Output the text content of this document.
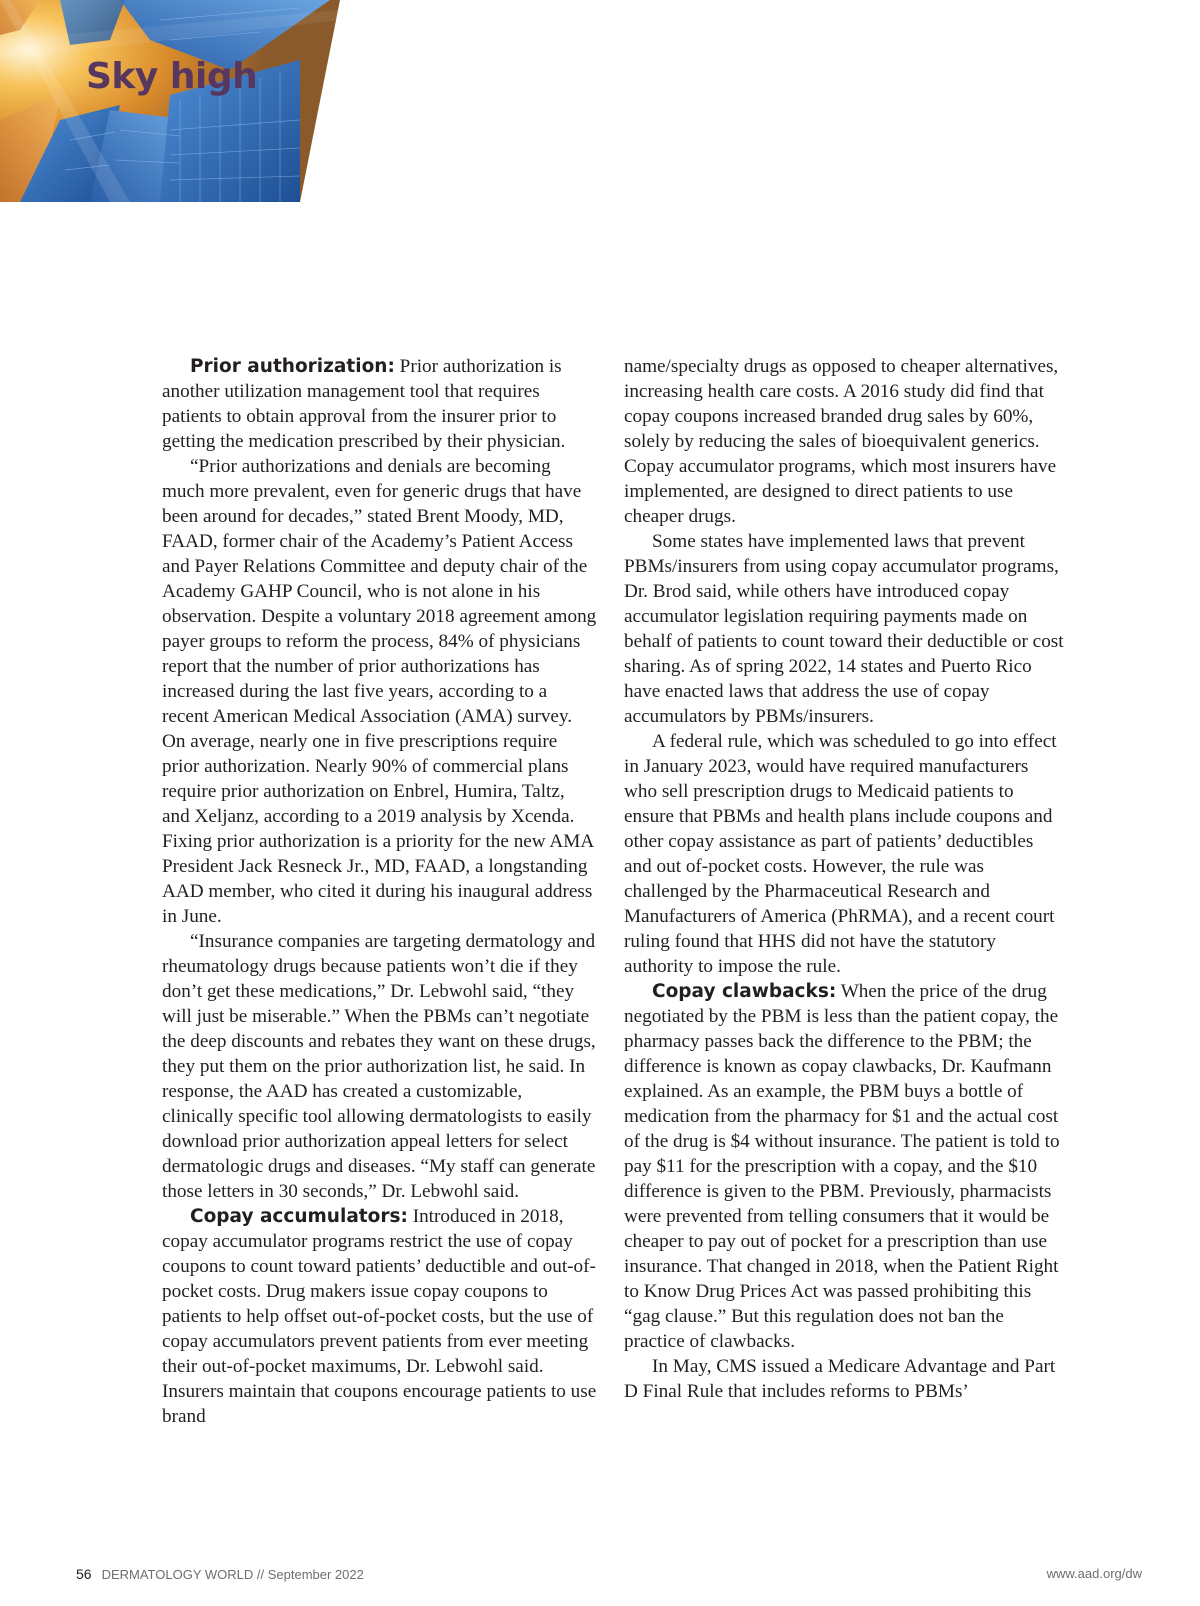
Sky high

Prior authorization: Prior authorization is another utilization management tool that requires patients to obtain approval from the insurer prior to getting the medication prescribed by their physician.

“Prior authorizations and denials are becoming much more prevalent, even for generic drugs that have been around for decades,” stated Brent Moody, MD, FAAD, former chair of the Academy’s Patient Access and Payer Relations Committee and deputy chair of the Academy GAHP Council, who is not alone in his observation. Despite a voluntary 2018 agreement among payer groups to reform the process, 84% of physicians report that the number of prior authorizations has increased during the last five years, according to a recent American Medical Association (AMA) survey. On average, nearly one in five prescriptions require prior authorization. Nearly 90% of commercial plans require prior authorization on Enbrel, Humira, Taltz, and Xeljanz, according to a 2019 analysis by Xcenda. Fixing prior authorization is a priority for the new AMA President Jack Resneck Jr., MD, FAAD, a longstanding AAD member, who cited it during his inaugural address in June.

“Insurance companies are targeting dermatology and rheumatology drugs because patients won’t die if they don’t get these medications,” Dr. Lebwohl said, “they will just be miserable.” When the PBMs can’t negotiate the deep discounts and rebates they want on these drugs, they put them on the prior authorization list, he said. In response, the AAD has created a customizable, clinically specific tool allowing dermatologists to easily download prior authorization appeal letters for select dermatologic drugs and diseases. “My staff can generate those letters in 30 seconds,” Dr. Lebwohl said.

Copay accumulators: Introduced in 2018, copay accumulator programs restrict the use of copay coupons to count toward patients’ deductible and out-of-pocket costs. Drug makers issue copay coupons to patients to help offset out-of-pocket costs, but the use of copay accumulators prevent patients from ever meeting their out-of-pocket maximums, Dr. Lebwohl said. Insurers maintain that coupons encourage patients to use brand

name/specialty drugs as opposed to cheaper alternatives, increasing health care costs. A 2016 study did find that copay coupons increased branded drug sales by 60%, solely by reducing the sales of bioequivalent generics. Copay accumulator programs, which most insurers have implemented, are designed to direct patients to use cheaper drugs.

Some states have implemented laws that prevent PBMs/insurers from using copay accumulator programs, Dr. Brod said, while others have introduced copay accumulator legislation requiring payments made on behalf of patients to count toward their deductible or cost sharing. As of spring 2022, 14 states and Puerto Rico have enacted laws that address the use of copay accumulators by PBMs/insurers.

A federal rule, which was scheduled to go into effect in January 2023, would have required manufacturers who sell prescription drugs to Medicaid patients to ensure that PBMs and health plans include coupons and other copay assistance as part of patients’ deductibles and out of-pocket costs. However, the rule was challenged by the Pharmaceutical Research and Manufacturers of America (PhRMA), and a recent court ruling found that HHS did not have the statutory authority to impose the rule.

Copay clawbacks: When the price of the drug negotiated by the PBM is less than the patient copay, the pharmacy passes back the difference to the PBM; the difference is known as copay clawbacks, Dr. Kaufmann explained. As an example, the PBM buys a bottle of medication from the pharmacy for $1 and the actual cost of the drug is $4 without insurance. The patient is told to pay $11 for the prescription with a copay, and the $10 difference is given to the PBM. Previously, pharmacists were prevented from telling consumers that it would be cheaper to pay out of pocket for a prescription than use insurance. That changed in 2018, when the Patient Right to Know Drug Prices Act was passed prohibiting this “gag clause.” But this regulation does not ban the practice of clawbacks.

In May, CMS issued a Medicare Advantage and Part D Final Rule that includes reforms to PBMs’

56 DERMATOLOGY WORLD // September 2022	www.aad.org/dw
